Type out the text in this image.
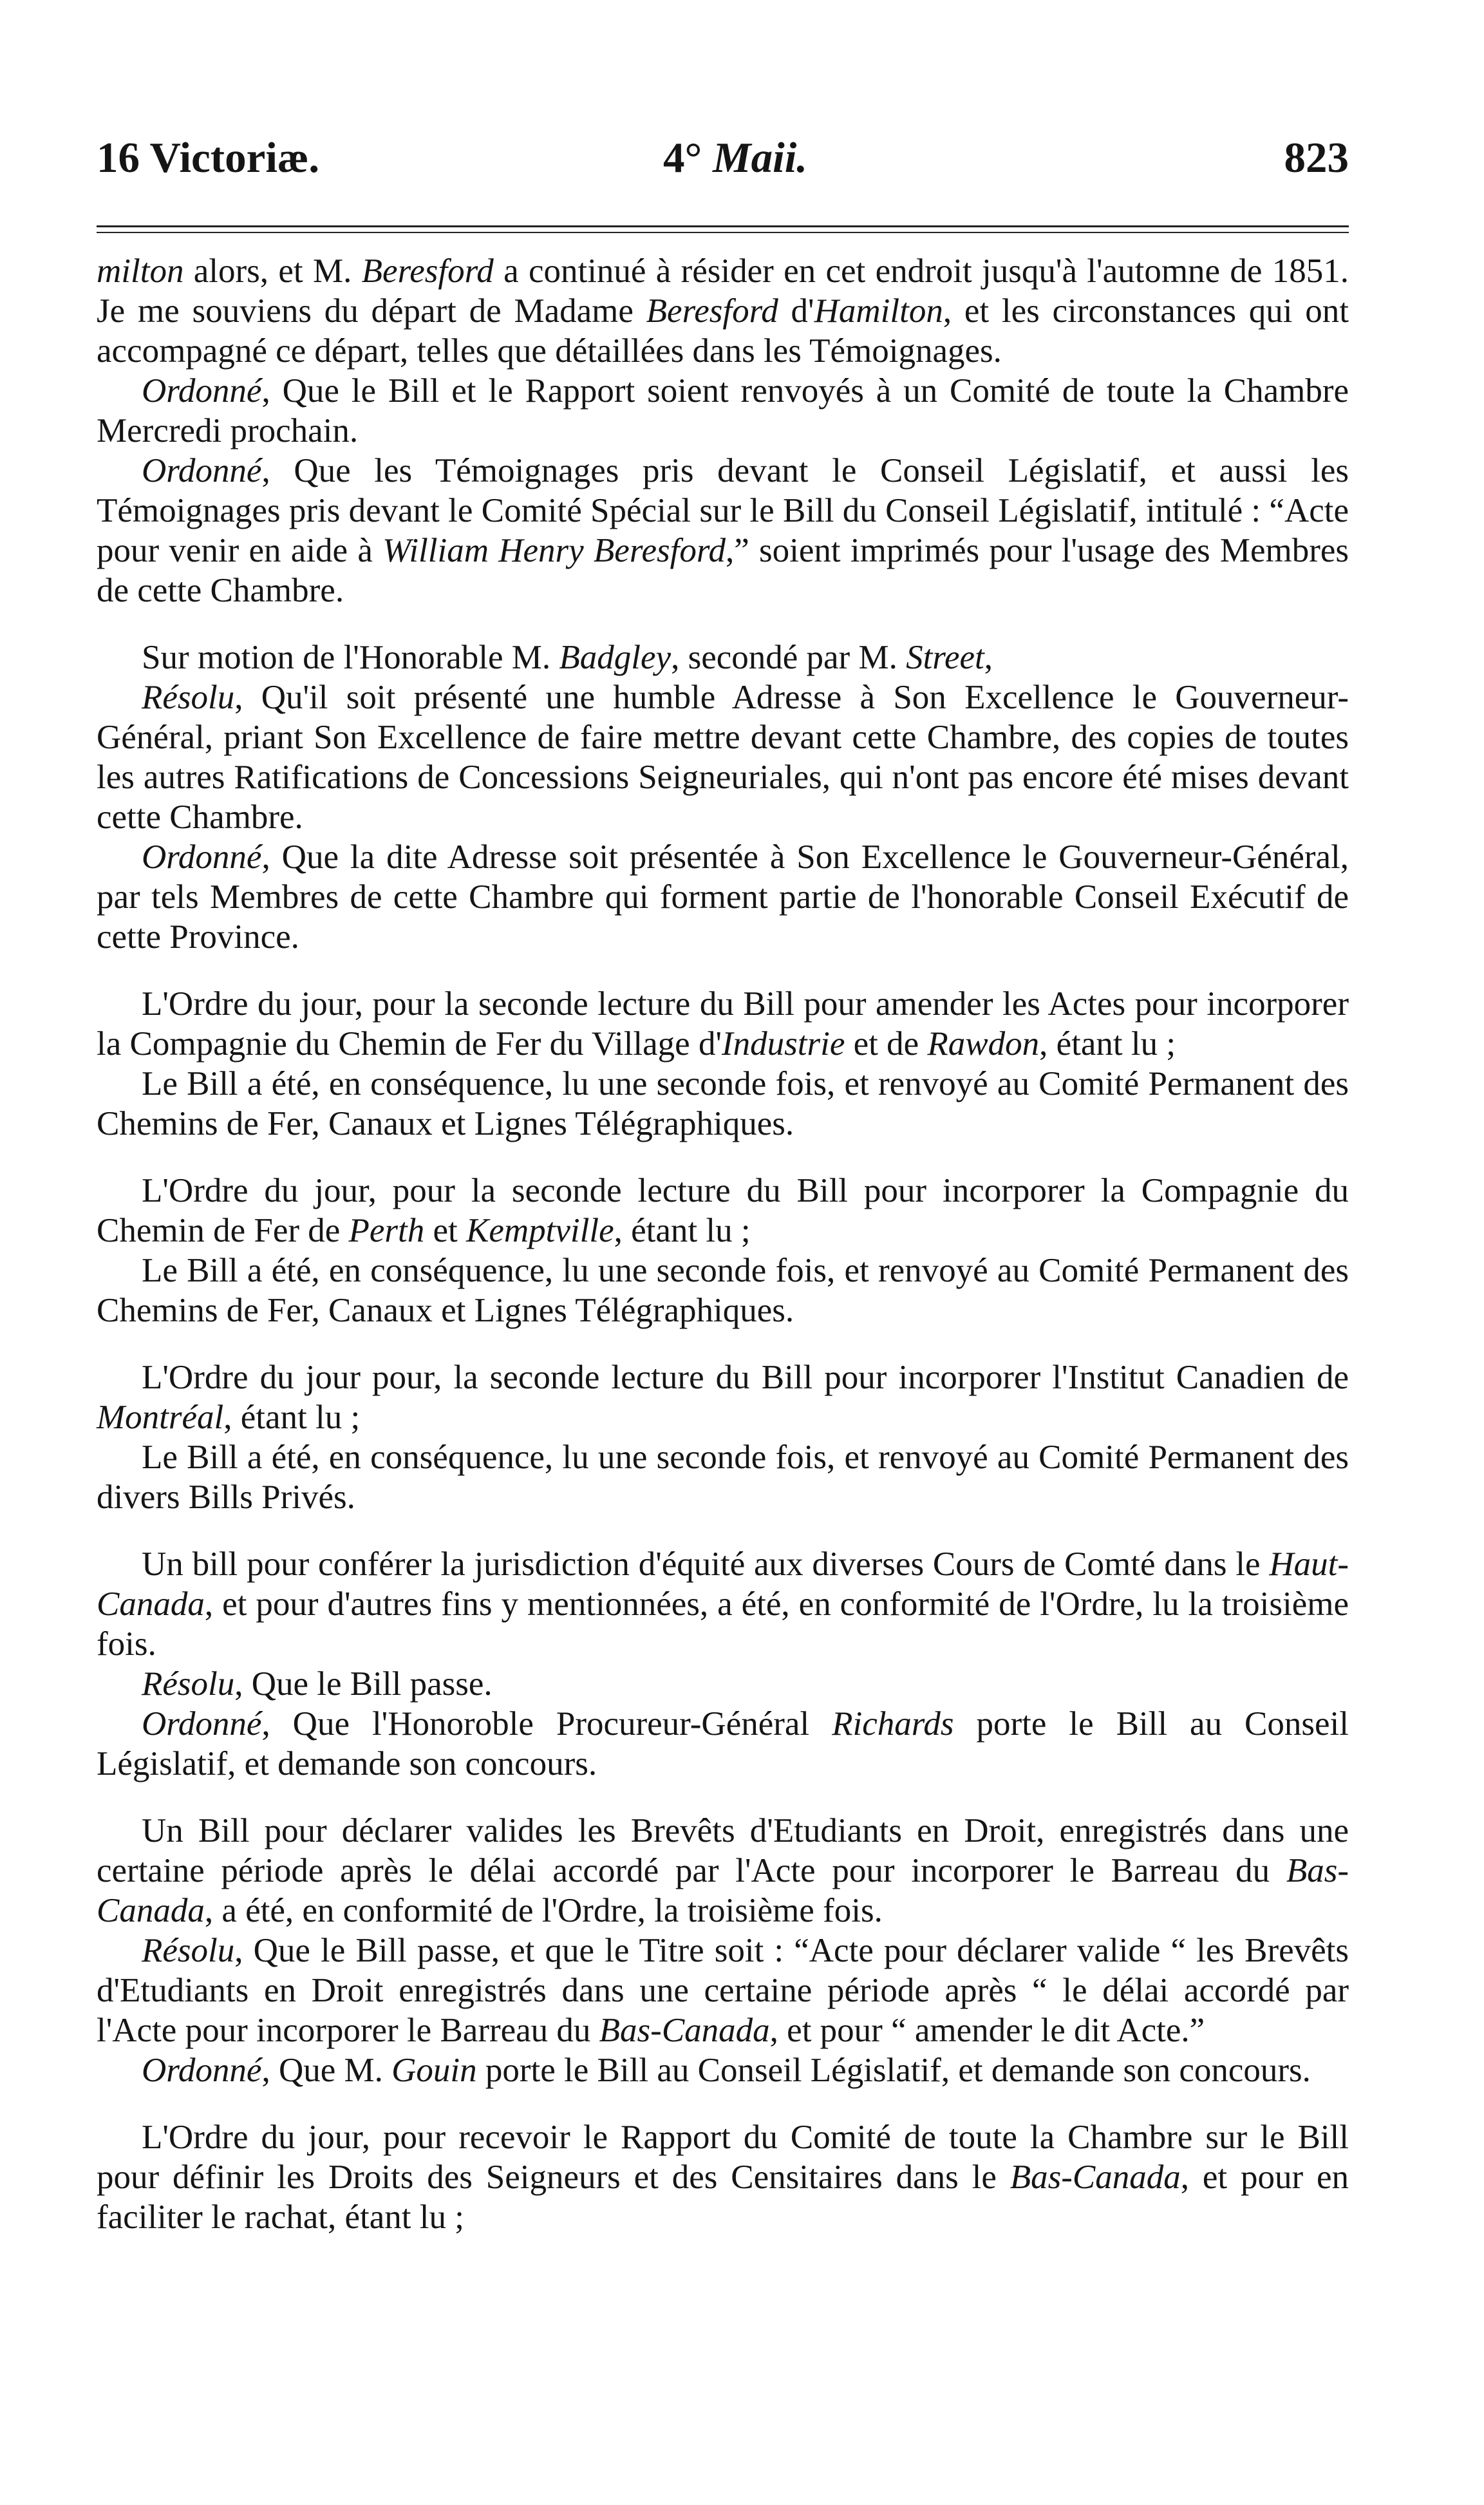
16 Victoriæ.	4° Maii.	823

milton alors, et M. Beresford a continué à résider en cet endroit jusqu'à l'automne de 1851. Je me souviens du départ de Madame Beresford d'Hamilton, et les circonstances qui ont accompagné ce départ, telles que détaillées dans les Témoignages.

Ordonné, Que le Bill et le Rapport soient renvoyés à un Comité de toute la Chambre Mercredi prochain.

Ordonné, Que les Témoignages pris devant le Conseil Législatif, et aussi les Témoignages pris devant le Comité Spécial sur le Bill du Conseil Législatif, intitulé : “Acte pour venir en aide à William Henry Beresford,” soient imprimés pour l'usage des Membres de cette Chambre.

Sur motion de l'Honorable M. Badgley, secondé par M. Street,

Résolu, Qu'il soit présenté une humble Adresse à Son Excellence le Gouverneur-Général, priant Son Excellence de faire mettre devant cette Chambre, des copies de toutes les autres Ratifications de Concessions Seigneuriales, qui n'ont pas encore été mises devant cette Chambre.

Ordonné, Que la dite Adresse soit présentée à Son Excellence le Gouverneur-Général, par tels Membres de cette Chambre qui forment partie de l'honorable Conseil Exécutif de cette Province.

L'Ordre du jour, pour la seconde lecture du Bill pour amender les Actes pour incorporer la Compagnie du Chemin de Fer du Village d'Industrie et de Rawdon, étant lu ;

Le Bill a été, en conséquence, lu une seconde fois, et renvoyé au Comité Permanent des Chemins de Fer, Canaux et Lignes Télégraphiques.

L'Ordre du jour, pour la seconde lecture du Bill pour incorporer la Compagnie du Chemin de Fer de Perth et Kemptville, étant lu ;

Le Bill a été, en conséquence, lu une seconde fois, et renvoyé au Comité Permanent des Chemins de Fer, Canaux et Lignes Télégraphiques.

L'Ordre du jour pour, la seconde lecture du Bill pour incorporer l'Institut Canadien de Montréal, étant lu ;

Le Bill a été, en conséquence, lu une seconde fois, et renvoyé au Comité Permanent des divers Bills Privés.

Un bill pour conférer la jurisdiction d'équité aux diverses Cours de Comté dans le Haut-Canada, et pour d'autres fins y mentionnées, a été, en conformité de l'Ordre, lu la troisième fois.

Résolu, Que le Bill passe.

Ordonné, Que l'Honoroble Procureur-Général Richards porte le Bill au Conseil Législatif, et demande son concours.

Un Bill pour déclarer valides les Brevêts d'Etudiants en Droit, enregistrés dans une certaine période après le délai accordé par l'Acte pour incorporer le Barreau du Bas-Canada, a été, en conformité de l'Ordre, la troisième fois.

Résolu, Que le Bill passe, et que le Titre soit : “Acte pour déclarer valide “ les Brevêts d'Etudiants en Droit enregistrés dans une certaine période après “ le délai accordé par l'Acte pour incorporer le Barreau du Bas-Canada, et pour “ amender le dit Acte.”

Ordonné, Que M. Gouin porte le Bill au Conseil Législatif, et demande son concours.

L'Ordre du jour, pour recevoir le Rapport du Comité de toute la Chambre sur le Bill pour définir les Droits des Seigneurs et des Censitaires dans le Bas-Canada, et pour en faciliter le rachat, étant lu ;
